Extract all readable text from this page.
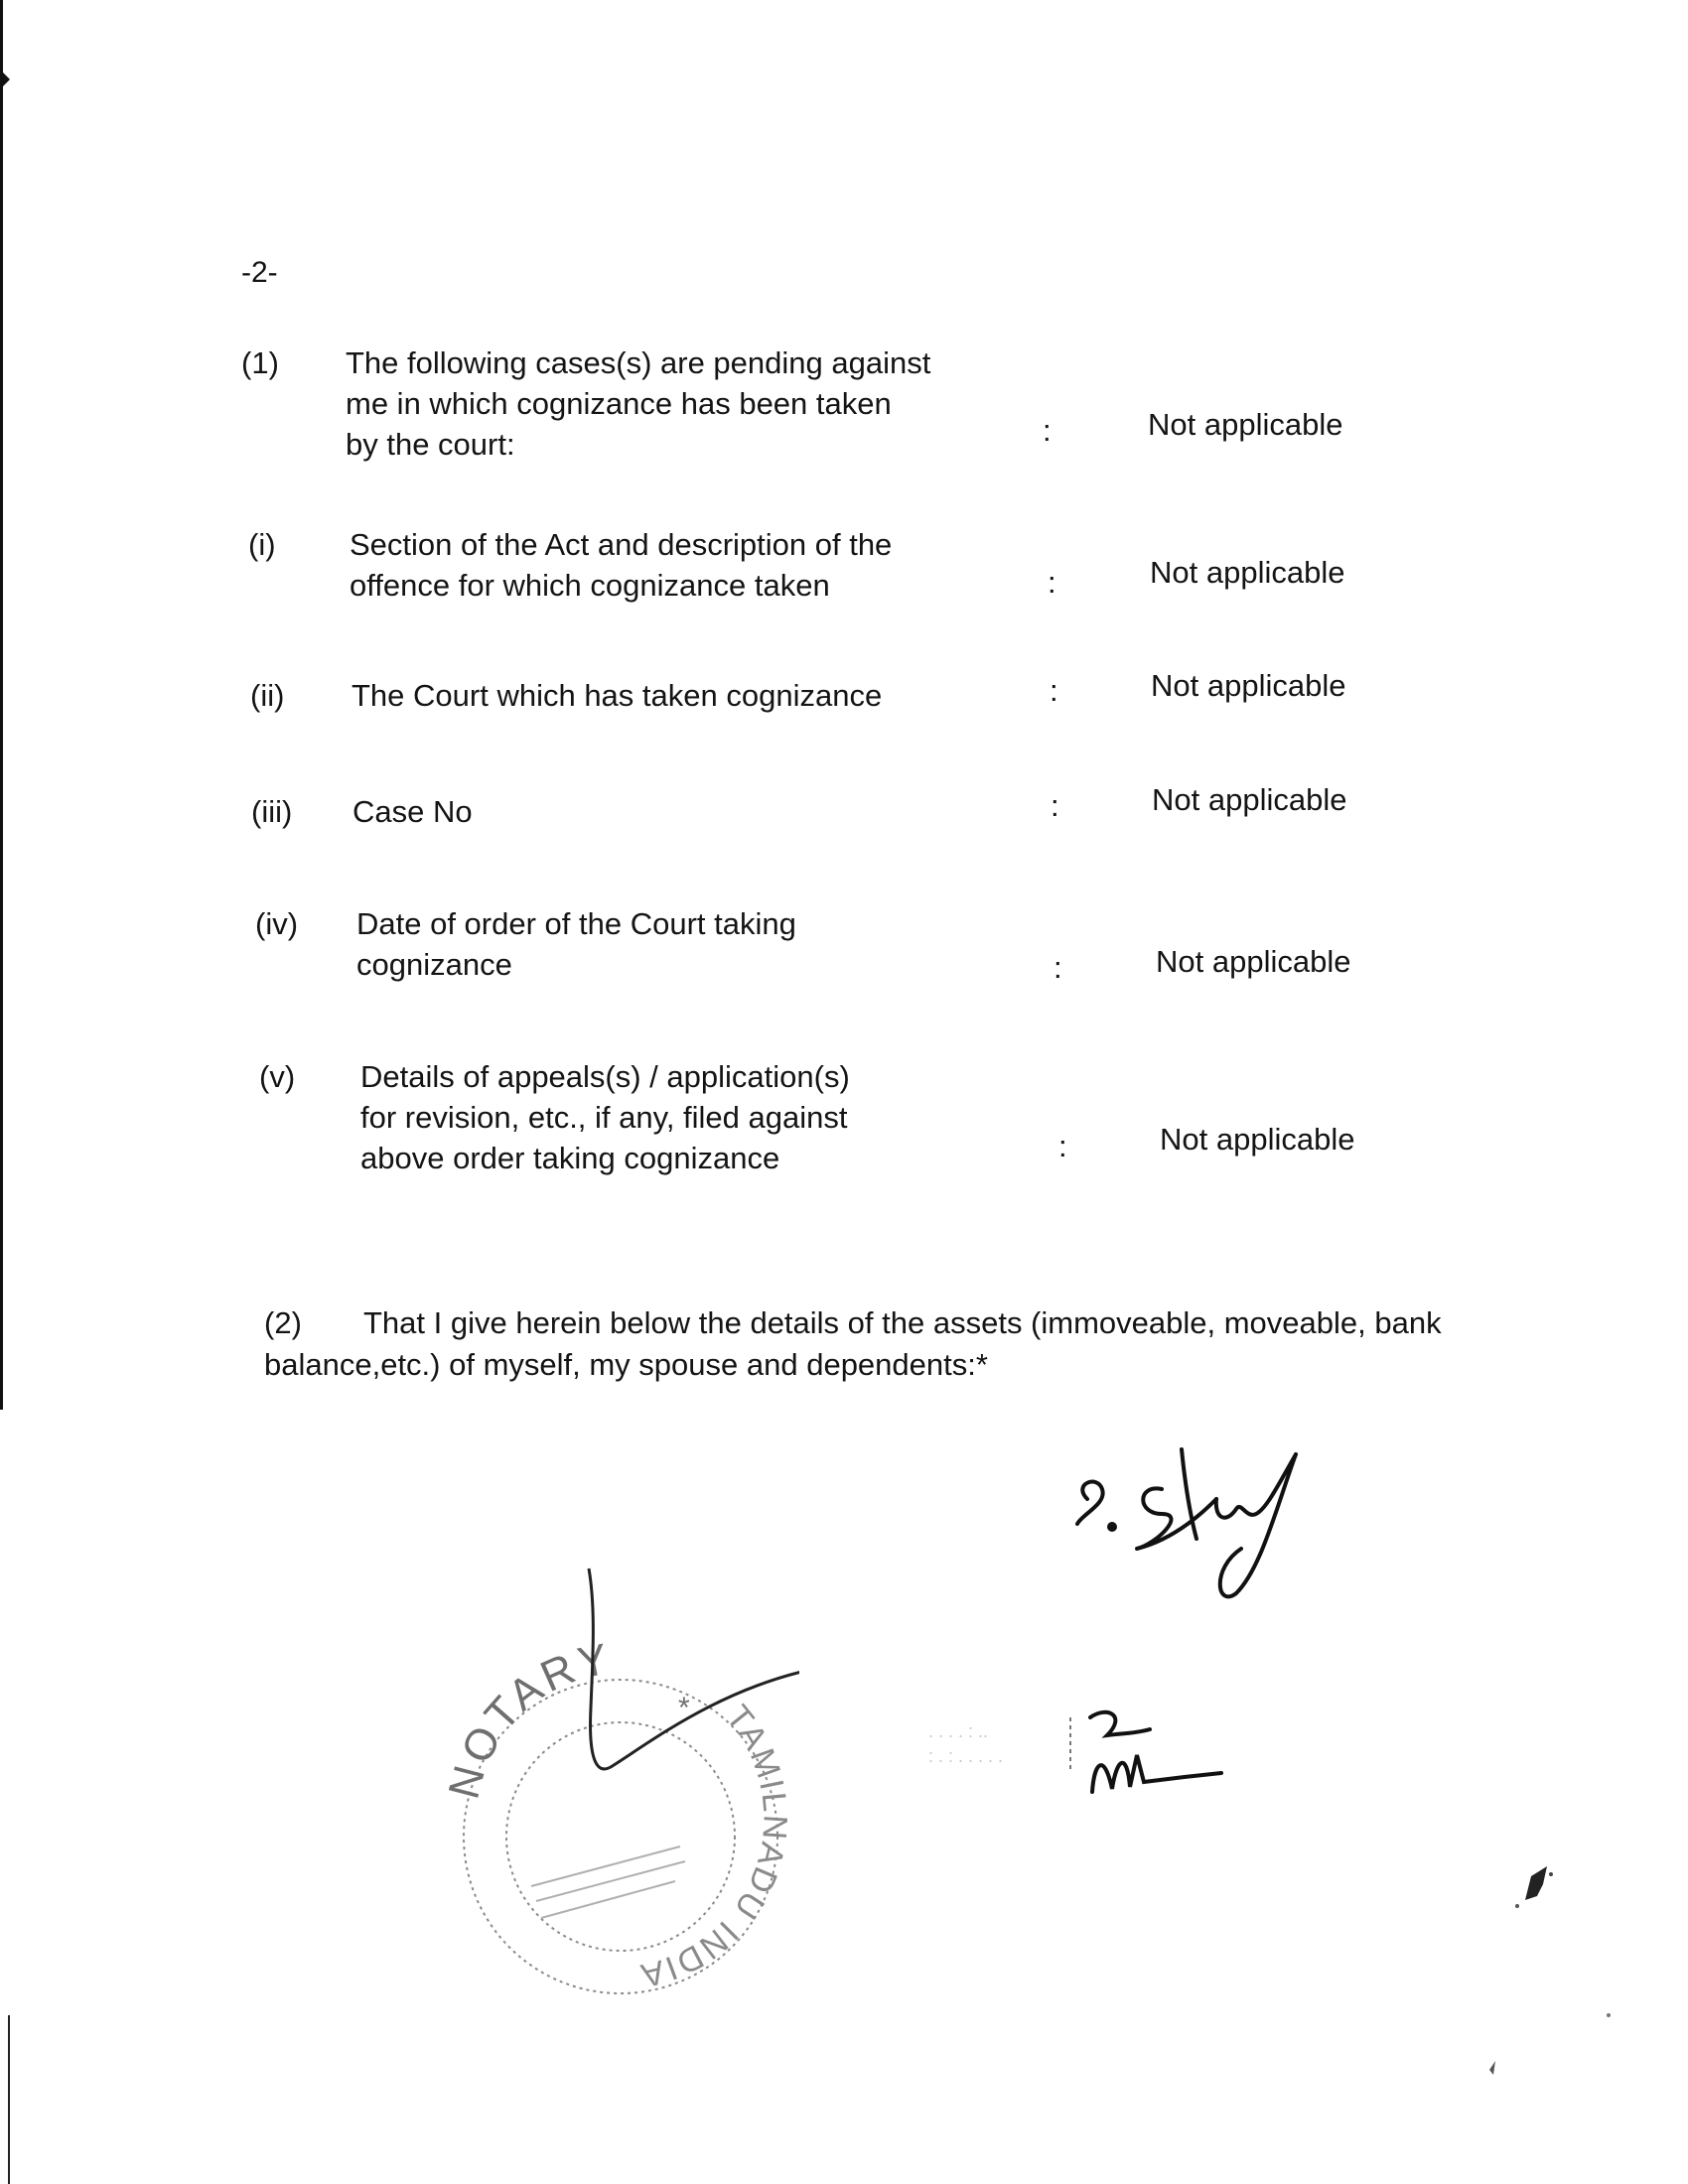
-2-
(1) The following cases(s) are pending against
me in which cognizance has been taken
by the court:	:	Not applicable
(i) Section of the Act and description of the
offence for which cognizance taken	:	Not applicable
(ii) The Court which has taken cognizance	:	Not applicable
(iii) Case No	:	Not applicable
(iv) Date of order of the Court taking
cognizance	:	Not applicable
(v) Details of appeals(s) / application(s)
for revision, etc., if any, filed against
above order taking cognizance	:	Not applicable
(2) That I give herein below the details of the assets (immoveable, moveable, bank balance,etc.) of myself, my spouse and dependents:*
NOTARY
TAMILNADU INDIA
*
. . . . : ..
: . : . . . . .
